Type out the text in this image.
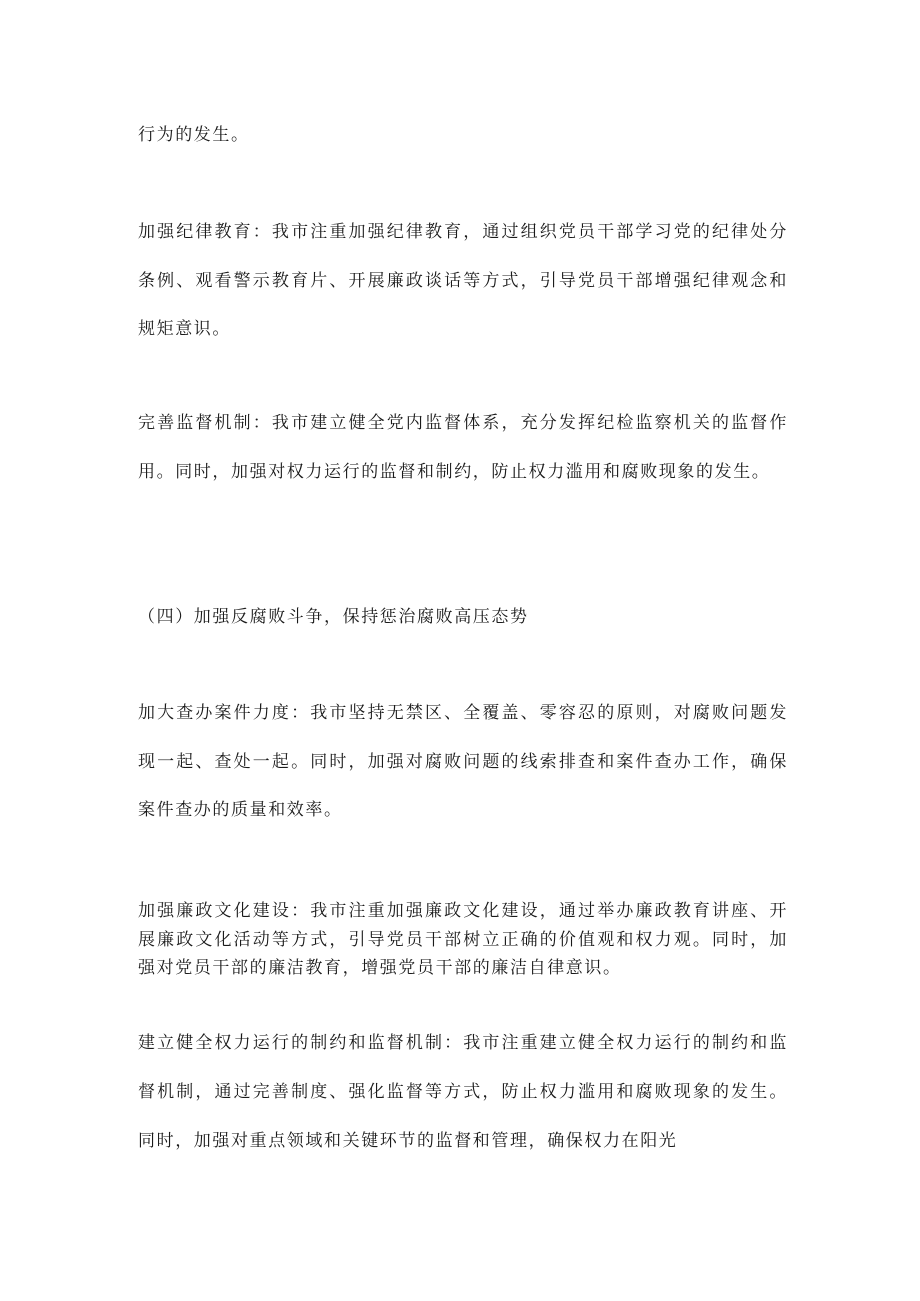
行为的发生。

加强纪律教育：我市注重加强纪律教育，通过组织党员干部学习党的纪律处分条例、观看警示教育片、开展廉政谈话等方式，引导党员干部增强纪律观念和规矩意识。

完善监督机制：我市建立健全党内监督体系，充分发挥纪检监察机关的监督作用。同时，加强对权力运行的监督和制约，防止权力滥用和腐败现象的发生。

（四）加强反腐败斗争，保持惩治腐败高压态势

加大查办案件力度：我市坚持无禁区、全覆盖、零容忍的原则，对腐败问题发现一起、查处一起。同时，加强对腐败问题的线索排查和案件查办工作，确保案件查办的质量和效率。

加强廉政文化建设：我市注重加强廉政文化建设，通过举办廉政教育讲座、开展廉政文化活动等方式，引导党员干部树立正确的价值观和权力观。同时，加强对党员干部的廉洁教育，增强党员干部的廉洁自律意识。

建立健全权力运行的制约和监督机制：我市注重建立健全权力运行的制约和监督机制，通过完善制度、强化监督等方式，防止权力滥用和腐败现象的发生。同时，加强对重点领域和关键环节的监督和管理，确保权力在阳光
